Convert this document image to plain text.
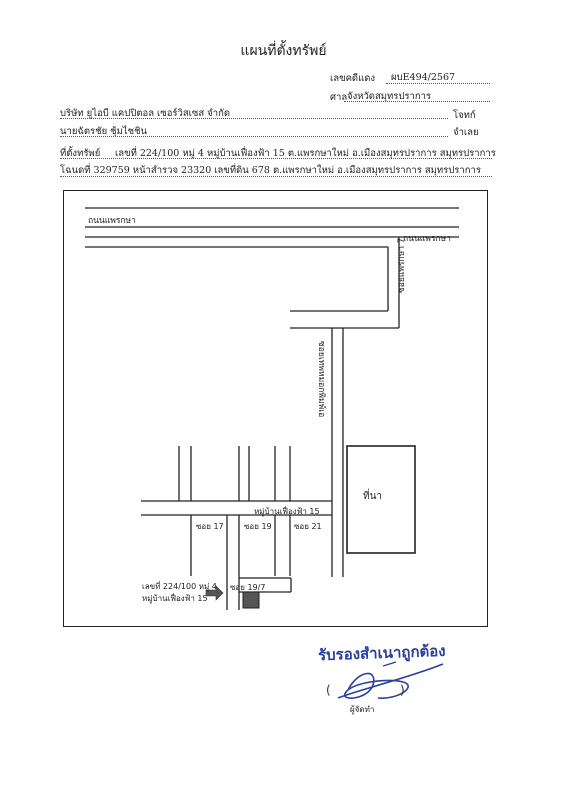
แผนที่ตั้งทรัพย์
เลขคดีแดง ผบE494/2567
ศาล จังหวัดสมุทรปราการ
บริษัท ยูไอบี แคปปิตอล เซอร์วิสเซส จำกัด	โจทก์
นายฉัตรชัย ชุ้มไชชิน	จำเลย
ที่ตั้งทรัพย์ เลขที่ 224/100 หมู่ 4 หมู่บ้านเฟื่องฟ้า 15 ต.แพรกษาใหม่ อ.เมืองสมุทรปราการ สมุทรปราการ
โฉนดที่ 329759 หน้าสำรวจ 23320 เลขที่ดิน 678 ต.แพรกษาใหม่ อ.เมืองสมุทรปราการ สมุทรปราการ
ถนนแพรกษา
ถนนแพรกษา
ซอยแพรกษา 7
ซอยเทพหมอกพิมพ์เอ
ที่นา
หมู่บ้านเฟื่องฟ้า 15
ซอย 17	ซอย 19	ซอย 21
ซอย 19/7
เลขที่ 224/100 หมู่ 4
หมู่บ้านเฟื่องฟ้า 15
รับรองสำเนาถูกต้อง
(	)
ผู้จัดทำ
